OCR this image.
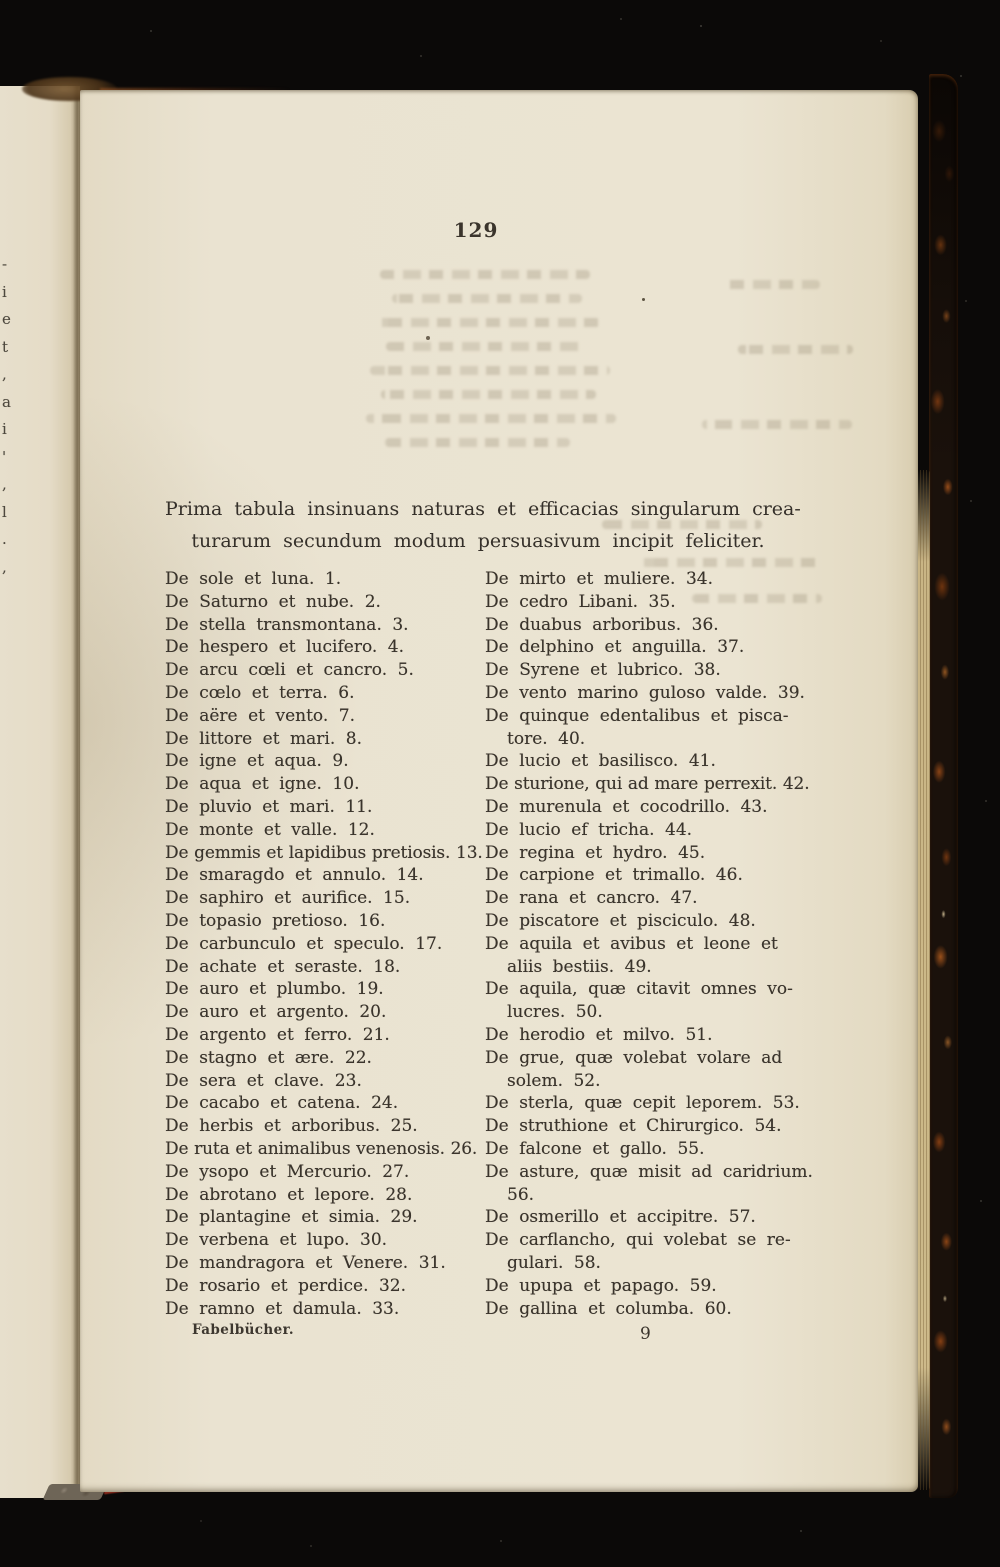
-
i
e
t
,
a
i
'
,
l
.
,
129
Prima tabula insinuans naturas et efficacias singularum crea-
turarum secundum modum persuasivum incipit feliciter.
De sole et luna. 1.
De Saturno et nube. 2.
De stella transmontana. 3.
De hespero et lucifero. 4.
De arcu cœli et cancro. 5.
De cœlo et terra. 6.
De aëre et vento. 7.
De littore et mari. 8.
De igne et aqua. 9.
De aqua et igne. 10.
De pluvio et mari. 11.
De monte et valle. 12.
De gemmis et lapidibus pretiosis. 13.
De smaragdo et annulo. 14.
De saphiro et aurifice. 15.
De topasio pretioso. 16.
De carbunculo et speculo. 17.
De achate et seraste. 18.
De auro et plumbo. 19.
De auro et argento. 20.
De argento et ferro. 21.
De stagno et ære. 22.
De sera et clave. 23.
De cacabo et catena. 24.
De herbis et arboribus. 25.
De ruta et animalibus venenosis. 26.
De ysopo et Mercurio. 27.
De abrotano et lepore. 28.
De plantagine et simia. 29.
De verbena et lupo. 30.
De mandragora et Venere. 31.
De rosario et perdice. 32.
De ramno et damula. 33.
De mirto et muliere. 34.
De cedro Libani. 35.
De duabus arboribus. 36.
De delphino et anguilla. 37.
De Syrene et lubrico. 38.
De vento marino guloso valde. 39.
De quinque edentalibus et pisca-
tore. 40.
De lucio et basilisco. 41.
De sturione, qui ad mare perrexit. 42.
De murenula et cocodrillo. 43.
De lucio ef tricha. 44.
De regina et hydro. 45.
De carpione et trimallo. 46.
De rana et cancro. 47.
De piscatore et pisciculo. 48.
De aquila et avibus et leone et
aliis bestiis. 49.
De aquila, quæ citavit omnes vo-
lucres. 50.
De herodio et milvo. 51.
De grue, quæ volebat volare ad
solem. 52.
De sterla, quæ cepit leporem. 53.
De struthione et Chirurgico. 54.
De falcone et gallo. 55.
De asture, quæ misit ad caridrium.
56.
De osmerillo et accipitre. 57.
De carflancho, qui volebat se re-
gulari. 58.
De upupa et papago. 59.
De gallina et columba. 60.
Fabelbücher.	9
